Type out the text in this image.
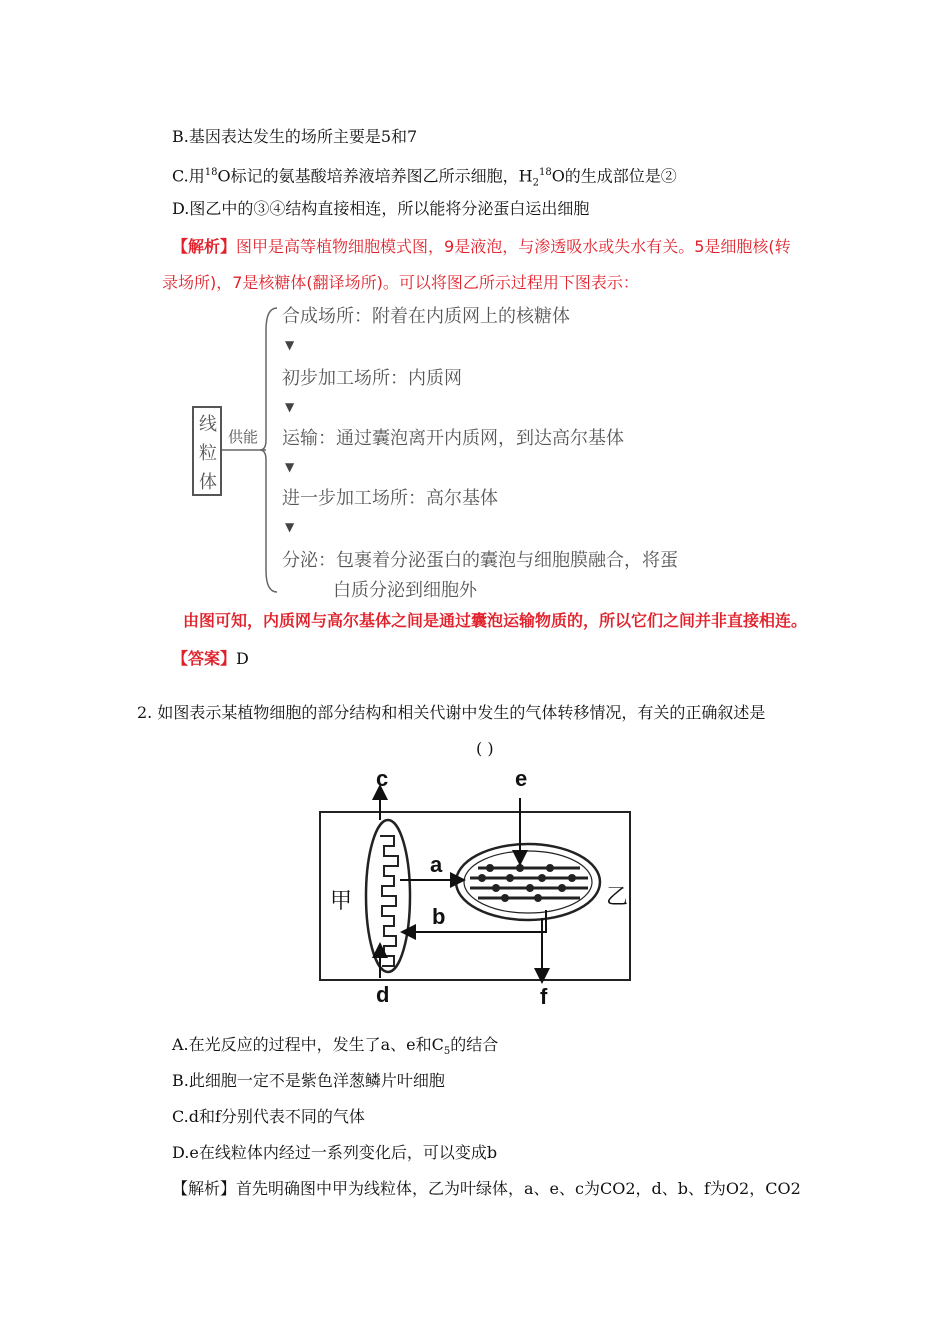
B.基因表达发生的场所主要是5和7
C.用$^{18}$O标记的氨基酸培养液培养图乙所示细胞，$H_2^{18}O$的生成部位是②
D.图乙中的③④结构直接相连，所以能将分泌蛋白运出细胞
【解析】图甲是高等植物细胞模式图，9是液泡，与渗透吸水或失水有关。5是细胞核(转
录场所)，7是核糖体(翻译场所)。可以将图乙所示过程用下图表示：
线
粒
体
供能
合成场所：附着在内质网上的核糖体
▼
初步加工场所：内质网
▼
运输：通过囊泡离开内质网，到达高尔基体
▼
进一步加工场所：高尔基体
▼
分泌：包裹着分泌蛋白的囊泡与细胞膜融合，将蛋
白质分泌到细胞外
由图可知，内质网与高尔基体之间是通过囊泡运输物质的，所以它们之间并非直接相连。
【答案】D
2. 如图表示某植物细胞的部分结构和相关代谢中发生的气体转移情况，有关的正确叙述是
( )
c	e
a
b
d	f
甲	乙
A.在光反应的过程中，发生了a、e和$C_5$的结合
B.此细胞一定不是紫色洋葱鳞片叶细胞
C.d和f分别代表不同的气体
D.e在线粒体内经过一系列变化后，可以变成b
【解析】首先明确图中甲为线粒体，乙为叶绿体，a、e、c为CO2，d、b、f为O2，CO2
